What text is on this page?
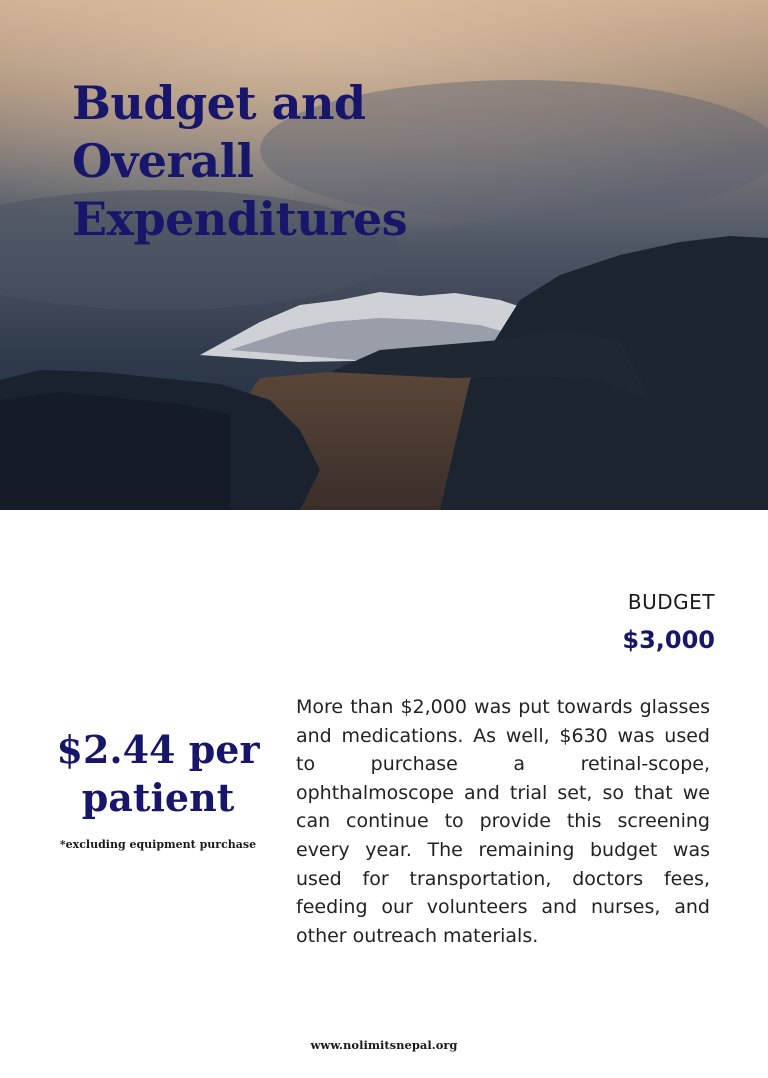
Budget and
Overall
Expenditures
BUDGET
$3,000
$2.44 per
patient
*excluding equipment purchase

More than $2,000 was put towards glasses and medications. As well, $630 was used to purchase a retinal-scope, ophthalmoscope and trial set, so that we can continue to provide this screening every year. The remaining budget was used for transportation, doctors fees, feeding our volunteers and nurses, and other outreach materials.

www.nolimitsnepal.org
